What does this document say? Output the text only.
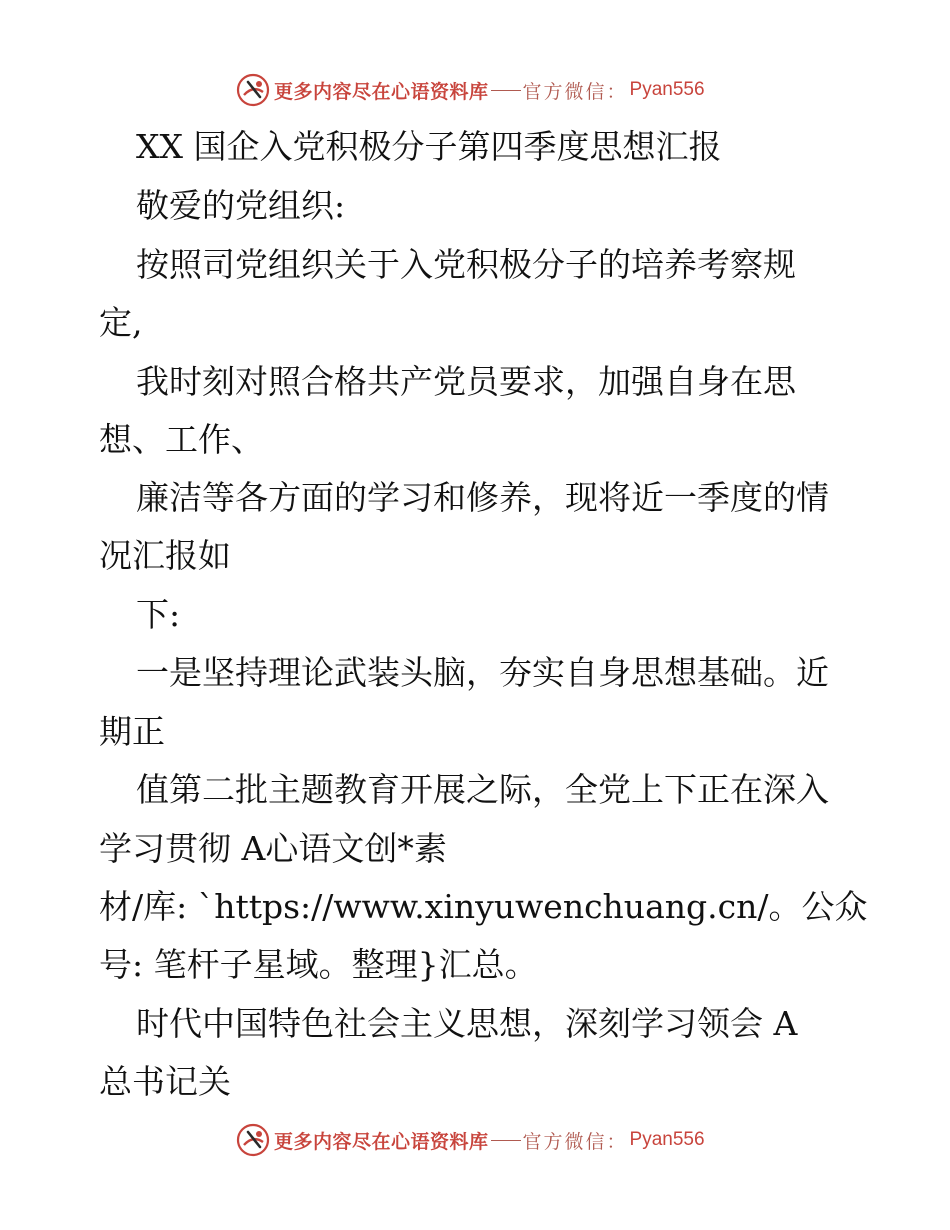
更多内容尽在心语资料库 官方微信： Pyan556
XX 国企入党积极分子第四季度思想汇报
敬爱的党组织:
按照司党组织关于入党积极分子的培养考察规
定,
我时刻对照合格共产党员要求，加强自身在思
想、工作、
廉洁等各方面的学习和修养，现将近一季度的情
况汇报如
下:
一是坚持理论武装头脑，夯实自身思想基础。近
期正
值第二批主题教育开展之际，全党上下正在深入
学习贯彻 A心语文创*素
材/库: `https://www.xinyuwenchuang.cn/。公众
号: 笔杆子星域。整理}汇总。
时代中国特色社会主义思想，深刻学习领会 A
总书记关
更多内容尽在心语资料库 官方微信： Pyan556
